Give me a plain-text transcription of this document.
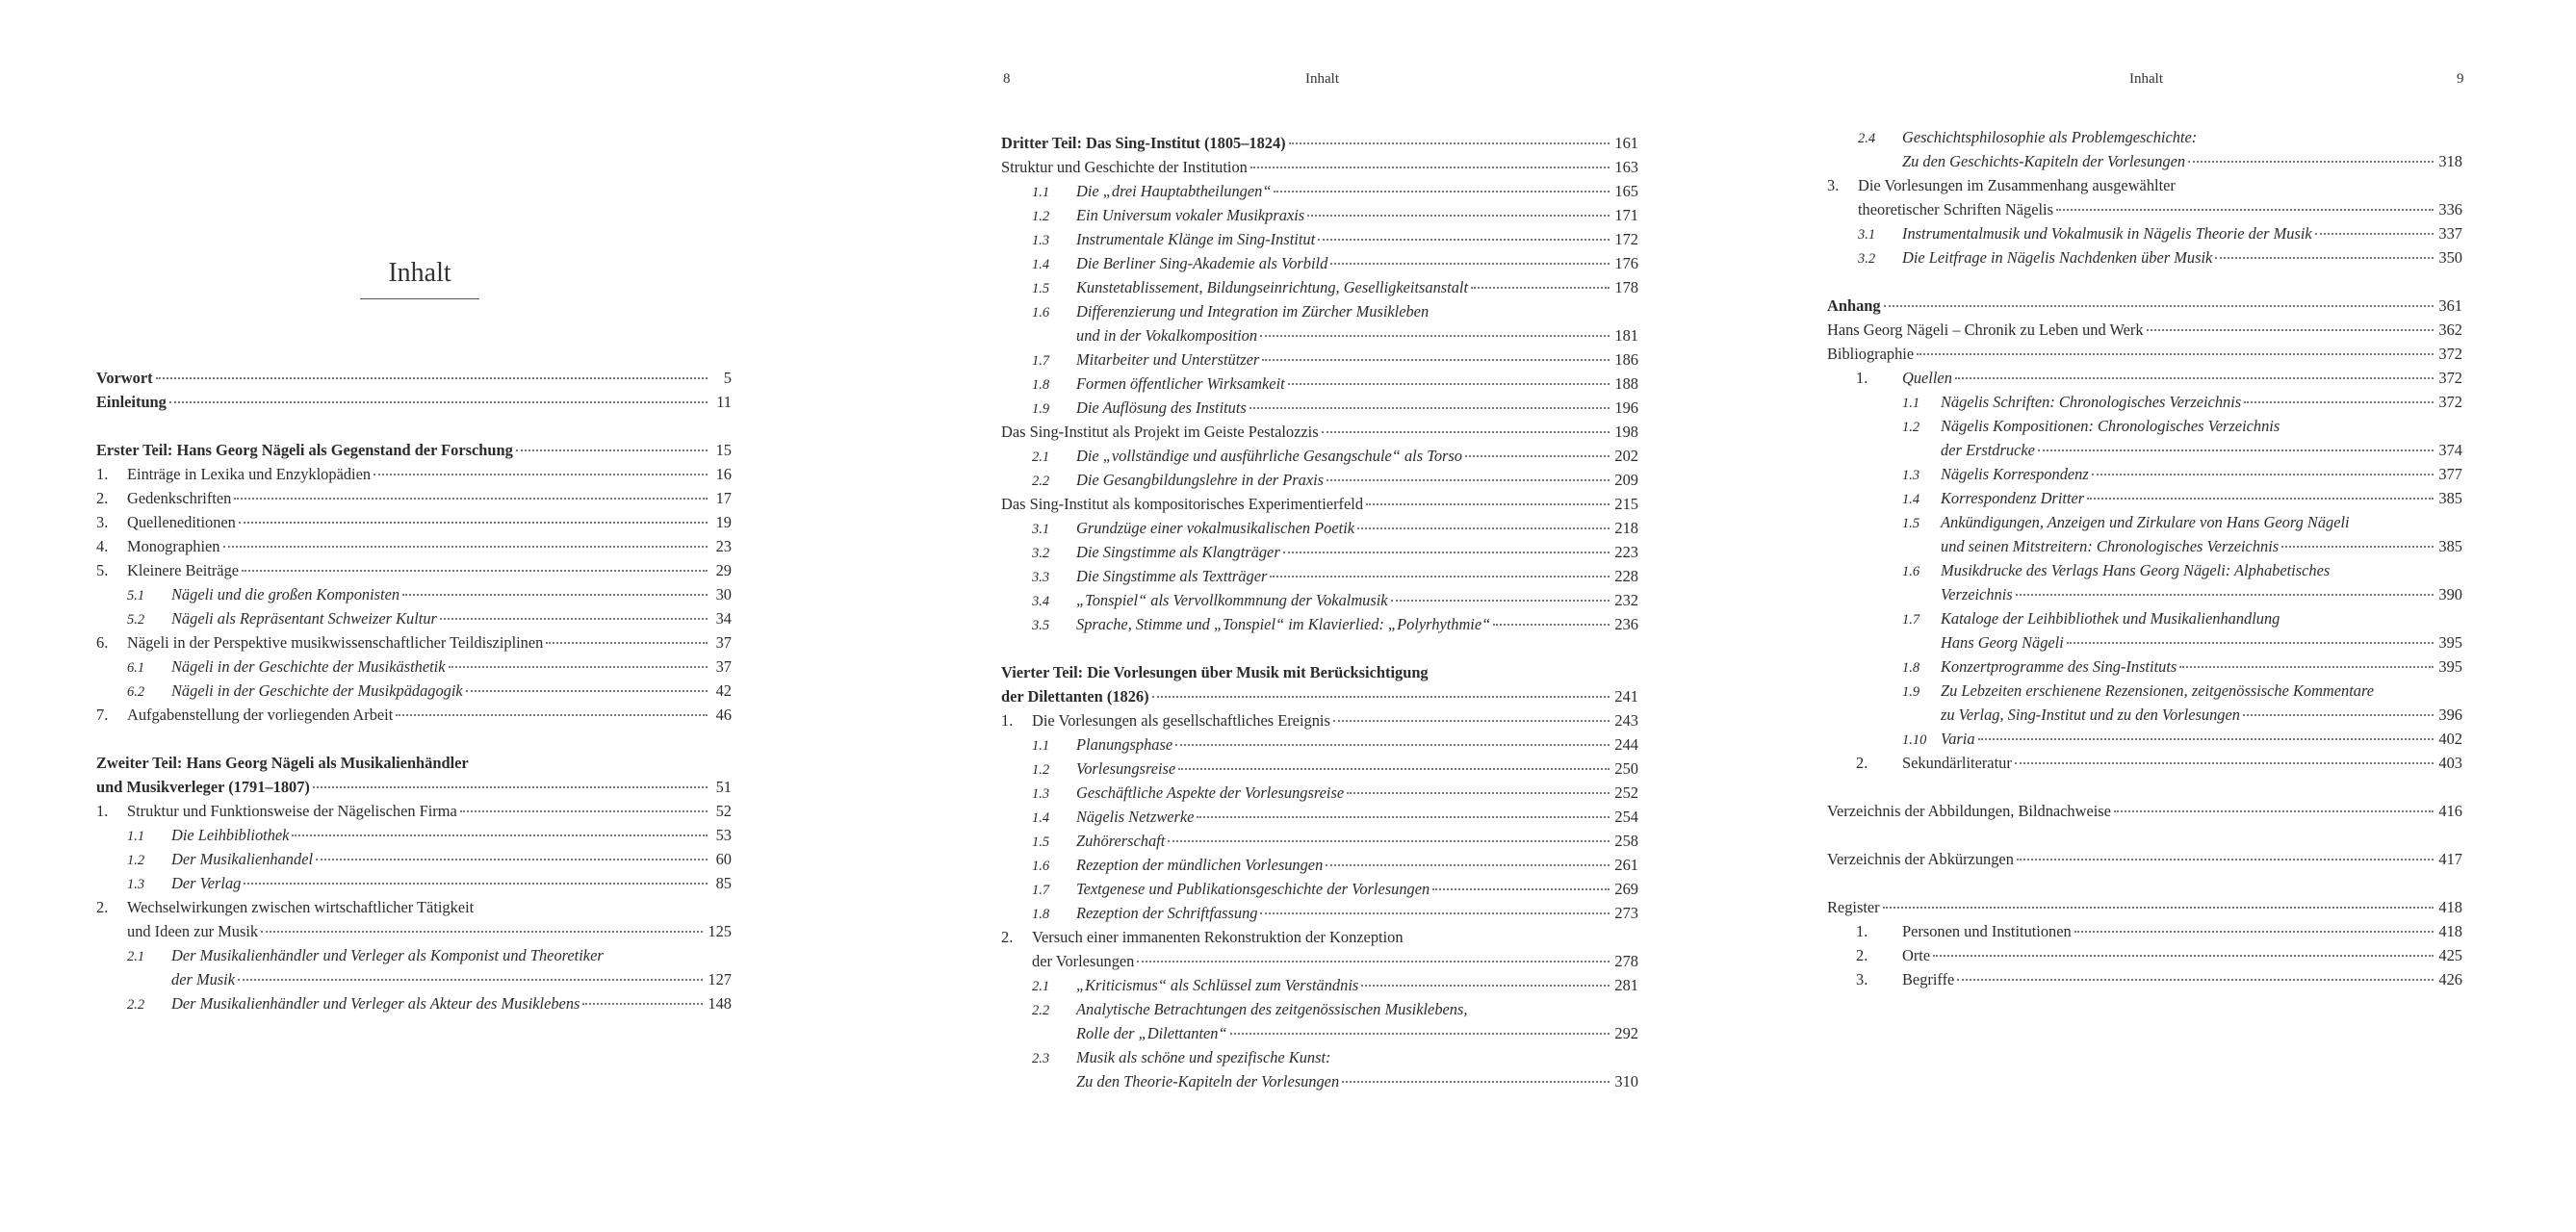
Inhalt
Vorwort	5
Einleitung	11
Erster Teil: Hans Georg Nägeli als Gegenstand der Forschung	15
1.	Einträge in Lexika und Enzyklopädien	16
2.	Gedenkschriften	17
3.	Quelleneditionen	19
4.	Monographien	23
5.	Kleinere Beiträge	29
5.1	Nägeli und die großen Komponisten	30
5.2	Nägeli als Repräsentant Schweizer Kultur	34
6.	Nägeli in der Perspektive musikwissenschaftlicher Teildisziplinen	37
6.1	Nägeli in der Geschichte der Musikästhetik	37
6.2	Nägeli in der Geschichte der Musikpädagogik	42
7.	Aufgabenstellung der vorliegenden Arbeit	46
Zweiter Teil: Hans Georg Nägeli als Musikalienhändler
und Musikverleger (1791–1807)	51
1.	Struktur und Funktionsweise der Nägelischen Firma	52
1.1	Die Leihbibliothek	53
1.2	Der Musikalienhandel	60
1.3	Der Verlag	85
2.	Wechselwirkungen zwischen wirtschaftlicher Tätigkeit
und Ideen zur Musik	125
2.1	Der Musikalienhändler und Verleger als Komponist und Theoretiker
der Musik	127
2.2	Der Musikalienhändler und Verleger als Akteur des Musiklebens	148
8	Inhalt
Dritter Teil: Das Sing-Institut (1805–1824)	161
Struktur und Geschichte der Institution	163
1.1	Die „drei Hauptabtheilungen“	165
1.2	Ein Universum vokaler Musikpraxis	171
1.3	Instrumentale Klänge im Sing-Institut	172
1.4	Die Berliner Sing-Akademie als Vorbild	176
1.5	Kunstetablissement, Bildungseinrichtung, Geselligkeitsanstalt	178
1.6	Differenzierung und Integration im Zürcher Musikleben
und in der Vokalkomposition	181
1.7	Mitarbeiter und Unterstützer	186
1.8	Formen öffentlicher Wirksamkeit	188
1.9	Die Auflösung des Instituts	196
Das Sing-Institut als Projekt im Geiste Pestalozzis	198
2.1	Die „vollständige und ausführliche Gesangschule“ als Torso	202
2.2	Die Gesangbildungslehre in der Praxis	209
Das Sing-Institut als kompositorisches Experimentierfeld	215
3.1	Grundzüge einer vokalmusikalischen Poetik	218
3.2	Die Singstimme als Klangträger	223
3.3	Die Singstimme als Textträger	228
3.4	„Tonspiel“ als Vervollkommnung der Vokalmusik	232
3.5	Sprache, Stimme und „Tonspiel“ im Klavierlied: „Polyrhythmie“	236
Vierter Teil: Die Vorlesungen über Musik mit Berücksichtigung
der Dilettanten (1826)	241
1.	Die Vorlesungen als gesellschaftliches Ereignis	243
1.1	Planungsphase	244
1.2	Vorlesungsreise	250
1.3	Geschäftliche Aspekte der Vorlesungsreise	252
1.4	Nägelis Netzwerke	254
1.5	Zuhörerschaft	258
1.6	Rezeption der mündlichen Vorlesungen	261
1.7	Textgenese und Publikationsgeschichte der Vorlesungen	269
1.8	Rezeption der Schriftfassung	273
2.	Versuch einer immanenten Rekonstruktion der Konzeption
der Vorlesungen	278
2.1	„Kriticismus“ als Schlüssel zum Verständnis	281
2.2	Analytische Betrachtungen des zeitgenössischen Musiklebens,
Rolle der „Dilettanten“	292
2.3	Musik als schöne und spezifische Kunst:
Zu den Theorie-Kapiteln der Vorlesungen	310
Inhalt	9
2.4	Geschichtsphilosophie als Problemgeschichte:
Zu den Geschichts-Kapiteln der Vorlesungen	318
3.	Die Vorlesungen im Zusammenhang ausgewählter
theoretischer Schriften Nägelis	336
3.1	Instrumentalmusik und Vokalmusik in Nägelis Theorie der Musik	337
3.2	Die Leitfrage in Nägelis Nachdenken über Musik	350
Anhang	361
Hans Georg Nägeli – Chronik zu Leben und Werk	362
Bibliographie	372
1.	Quellen	372
1.1	Nägelis Schriften: Chronologisches Verzeichnis	372
1.2	Nägelis Kompositionen: Chronologisches Verzeichnis
der Erstdrucke	374
1.3	Nägelis Korrespondenz	377
1.4	Korrespondenz Dritter	385
1.5	Ankündigungen, Anzeigen und Zirkulare von Hans Georg Nägeli
und seinen Mitstreitern: Chronologisches Verzeichnis	385
1.6	Musikdrucke des Verlags Hans Georg Nägeli: Alphabetisches
Verzeichnis	390
1.7	Kataloge der Leihbibliothek und Musikalienhandlung
Hans Georg Nägeli	395
1.8	Konzertprogramme des Sing-Instituts	395
1.9	Zu Lebzeiten erschienene Rezensionen, zeitgenössische Kommentare
zu Verlag, Sing-Institut und zu den Vorlesungen	396
1.10 Varia	402
2.	Sekundärliteratur	403
Verzeichnis der Abbildungen, Bildnachweise	416
Verzeichnis der Abkürzungen	417
Register	418
1.	Personen und Institutionen	418
2.	Orte	425
3.	Begriffe	426
